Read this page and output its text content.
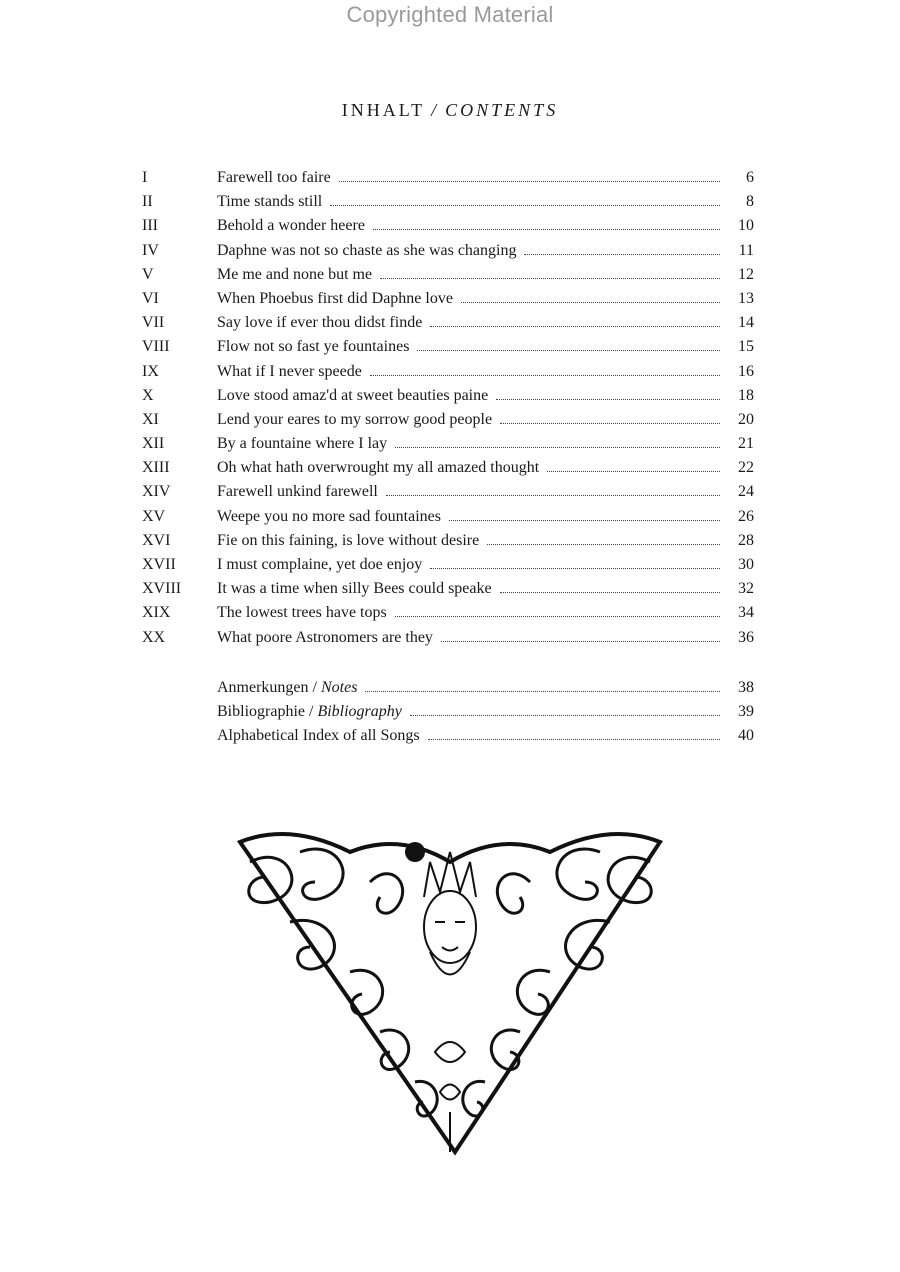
Copyrighted Material
INHALT / CONTENTS
I	Farewell too faire	6
II	Time stands still	8
III	Behold a wonder heere	10
IV	Daphne was not so chaste as she was changing	11
V	Me me and none but me	12
VI	When Phoebus first did Daphne love	13
VII	Say love if ever thou didst finde	14
VIII	Flow not so fast ye fountaines	15
IX	What if I never speede	16
X	Love stood amaz'd at sweet beauties paine	18
XI	Lend your eares to my sorrow good people	20
XII	By a fountaine where I lay	21
XIII	Oh what hath overwrought my all amazed thought	22
XIV	Farewell unkind farewell	24
XV	Weepe you no more sad fountaines	26
XVI	Fie on this faining, is love without desire	28
XVII	I must complaine, yet doe enjoy	30
XVIII	It was a time when silly Bees could speake	32
XIX	The lowest trees have tops	34
XX	What poore Astronomers are they	36
Anmerkungen / Notes	38
Bibliographie / Bibliography	39
Alphabetical Index of all Songs	40
